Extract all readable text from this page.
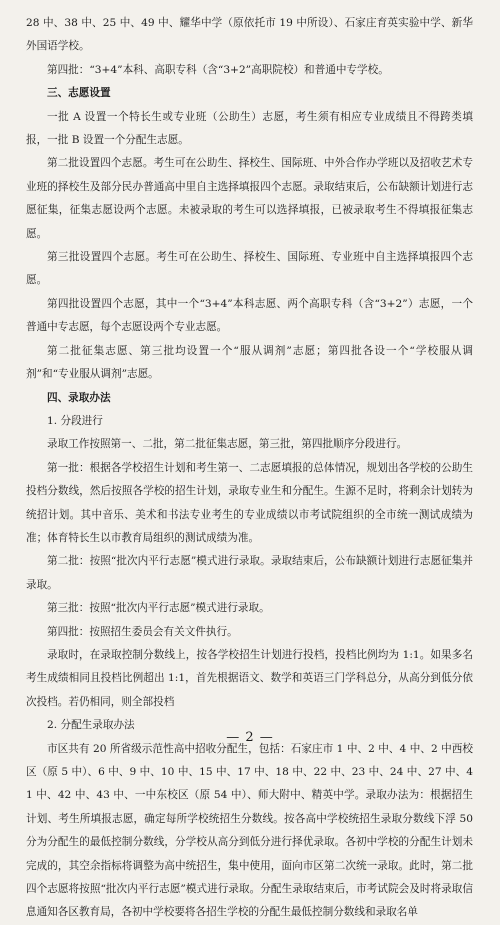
28 中、38 中、25 中、49 中、耀华中学（原依托市 19 中所设）、石家庄育英实验中学、新华外国语学校。

第四批：“3+4”本科、高职专科（含“3+2”高职院校）和普通中专学校。

三、志愿设置

一批 A 设置一个特长生或专业班（公助生）志愿，考生须有相应专业成绩且不得跨类填报，一批 B 设置一个分配生志愿。

第二批设置四个志愿。考生可在公助生、择校生、国际班、中外合作办学班以及招收艺术专业班的择校生及部分民办普通高中里自主选择填报四个志愿。录取结束后，公布缺额计划进行志愿征集，征集志愿设两个志愿。未被录取的考生可以选择填报，已被录取考生不得填报征集志愿。

第三批设置四个志愿。考生可在公助生、择校生、国际班、专业班中自主选择填报四个志愿。

第四批设置四个志愿，其中一个“3+4”本科志愿、两个高职专科（含“3+2”）志愿，一个普通中专志愿，每个志愿设两个专业志愿。

第二批征集志愿、第三批均设置一个“服从调剂”志愿；第四批各设一个“学校服从调剂”和“专业服从调剂”志愿。

四、录取办法

1. 分段进行

录取工作按照第一、二批，第二批征集志愿，第三批，第四批顺序分段进行。

第一批：根据各学校招生计划和考生第一、二志愿填报的总体情况，规划出各学校的公助生投档分数线，然后按照各学校的招生计划，录取专业生和分配生。生源不足时，将剩余计划转为统招计划。其中音乐、美术和书法专业考生的专业成绩以市考试院组织的全市统一测试成绩为准；体育特长生以市教育局组织的测试成绩为准。

第二批：按照“批次内平行志愿”模式进行录取。录取结束后，公布缺额计划进行志愿征集并录取。

第三批：按照“批次内平行志愿”模式进行录取。

第四批：按照招生委员会有关文件执行。

录取时，在录取控制分数线上，按各学校招生计划进行投档，投档比例均为 1:1。如果多名考生成绩相同且投档比例超出 1:1，首先根据语文、数学和英语三门学科总分，从高分到低分依次投档。若仍相同，则全部投档

2. 分配生录取办法

市区共有 20 所省级示范性高中招收分配生，包括：石家庄市 1 中、2 中、4 中、2 中西校区（原 5 中）、6 中、9 中、10 中、15 中、17 中、18 中、22 中、23 中、24 中、27 中、41 中、42 中、43 中、一中东校区（原 54 中）、师大附中、精英中学。录取办法为：根据招生计划、考生所填报志愿，确定每所学校统招生分数线。按各高中学校统招生录取分数线下浮 50 分为分配生的最低控制分数线，分学校从高分到低分进行择优录取。各初中学校的分配生计划未完成的，其空余指标将调整为高中统招生，集中使用，面向市区第二次统一录取。此时，第二批四个志愿将按照“批次内平行志愿”模式进行录取。分配生录取结束后，市考试院会及时将录取信息通知各区教育局，各初中学校要将各招生学校的分配生最低控制分数线和录取名单

— 2 —
